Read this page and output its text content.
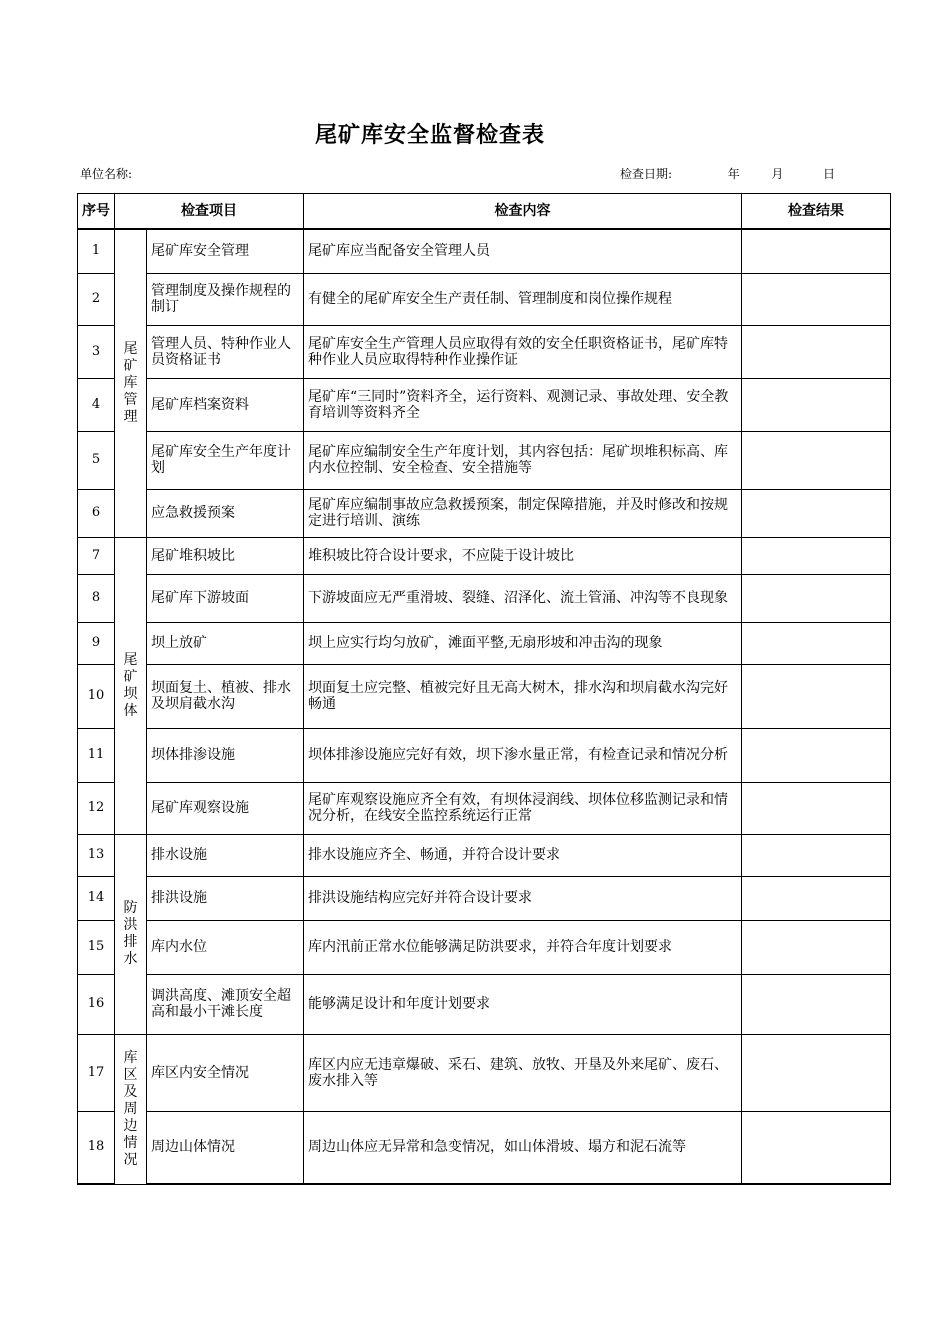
尾矿库安全监督检查表
单位名称:	检查日期:	年	月	日
序号	检查项目		检查内容	检查结果
1	尾矿库管理	尾矿库安全管理	尾矿库应当配备安全管理人员	
2		管理制度及操作规程的制订	有健全的尾矿库安全生产责任制、管理制度和岗位操作规程	
3		管理人员、特种作业人员资格证书	尾矿库安全生产管理人员应取得有效的安全任职资格证书，尾矿库特种作业人员应取得特种作业操作证	
4		尾矿库档案资料	尾矿库“三同时”资料齐全，运行资料、观测记录、事故处理、安全教育培训等资料齐全	
5		尾矿库安全生产年度计划	尾矿库应编制安全生产年度计划，其内容包括：尾矿坝堆积标高、库内水位控制、安全检查、安全措施等	
6		应急救援预案	尾矿库应编制事故应急救援预案，制定保障措施，并及时修改和按规定进行培训、演练	
7	尾矿坝体	尾矿堆积坡比	堆积坡比符合设计要求，不应陡于设计坡比	
8		尾矿库下游坡面	下游坡面应无严重滑坡、裂缝、沼泽化、流土管涌、冲沟等不良现象	
9		坝上放矿	坝上应实行均匀放矿，滩面平整,无扇形坡和冲击沟的现象	
10		坝面复土、植被、排水及坝肩截水沟	坝面复土应完整、植被完好且无高大树木，排水沟和坝肩截水沟完好畅通	
11		坝体排渗设施	坝体排渗设施应完好有效，坝下渗水量正常，有检查记录和情况分析	
12		尾矿库观察设施	尾矿库观察设施应齐全有效，有坝体浸润线、坝体位移监测记录和情况分析，在线安全监控系统运行正常	
13	防洪排水	排水设施	排水设施应齐全、畅通，并符合设计要求	
14		排洪设施	排洪设施结构应完好并符合设计要求	
15		库内水位	库内汛前正常水位能够满足防洪要求，并符合年度计划要求	
16		调洪高度、滩顶安全超高和最小干滩长度	能够满足设计和年度计划要求	
17	库区及周边情况	库区内安全情况	库区内应无违章爆破、采石、建筑、放牧、开垦及外来尾矿、废石、废水排入等	
18		周边山体情况	周边山体应无异常和急变情况，如山体滑坡、塌方和泥石流等	
